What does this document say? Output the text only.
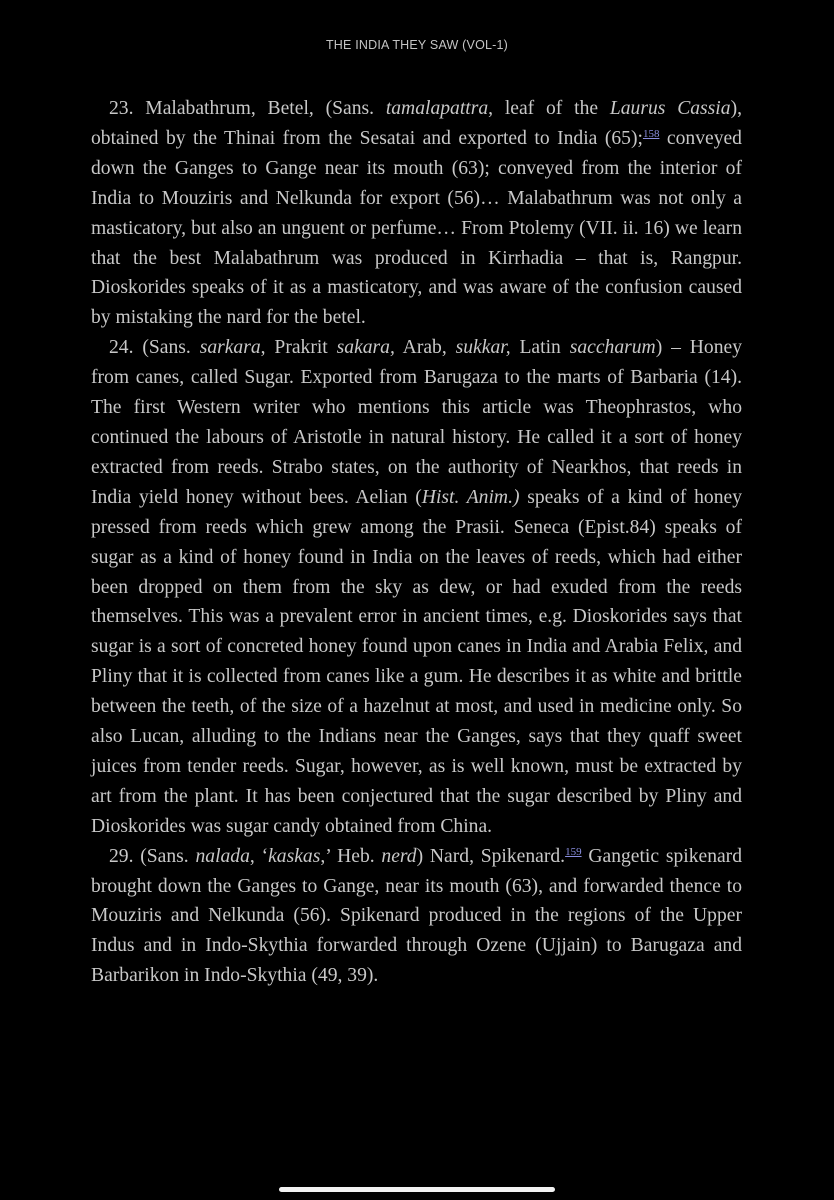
THE INDIA THEY SAW (VOL-1)

23. Malabathrum, Betel, (Sans. tamalapattra, leaf of the Laurus Cassia), obtained by the Thinai from the Sesatai and exported to India (65);$^{158}$ conveyed down the Ganges to Gange near its mouth (63); conveyed from the interior of India to Mouziris and Nelkunda for export (56)… Malabathrum was not only a masticatory, but also an unguent or perfume… From Ptolemy (VII. ii. 16) we learn that the best Malabathrum was produced in Kirrhadia – that is, Rangpur. Dioskorides speaks of it as a masticatory, and was aware of the confusion caused by mistaking the nard for the betel.

24. (Sans. sarkara, Prakrit sakara, Arab, sukkar, Latin saccharum) – Honey from canes, called Sugar. Exported from Barugaza to the marts of Barbaria (14). The first Western writer who mentions this article was Theophrastos, who continued the labours of Aristotle in natural history. He called it a sort of honey extracted from reeds. Strabo states, on the authority of Nearkhos, that reeds in India yield honey without bees. Aelian (Hist. Anim.) speaks of a kind of honey pressed from reeds which grew among the Prasii. Seneca (Epist.84) speaks of sugar as a kind of honey found in India on the leaves of reeds, which had either been dropped on them from the sky as dew, or had exuded from the reeds themselves. This was a prevalent error in ancient times, e.g. Dioskorides says that sugar is a sort of concreted honey found upon canes in India and Arabia Felix, and Pliny that it is collected from canes like a gum. He describes it as white and brittle between the teeth, of the size of a hazelnut at most, and used in medicine only. So also Lucan, alluding to the Indians near the Ganges, says that they quaff sweet juices from tender reeds. Sugar, however, as is well known, must be extracted by art from the plant. It has been conjectured that the sugar described by Pliny and Dioskorides was sugar candy obtained from China.

29. (Sans. nalada, ‘kaskas,’ Heb. nerd) Nard, Spikenard.$^{159}$ Gangetic spikenard brought down the Ganges to Gange, near its mouth (63), and forwarded thence to Mouziris and Nelkunda (56). Spikenard produced in the regions of the Upper Indus and in Indo-Skythia forwarded through Ozene (Ujjain) to Barugaza and Barbarikon in Indo-Skythia (49, 39).
